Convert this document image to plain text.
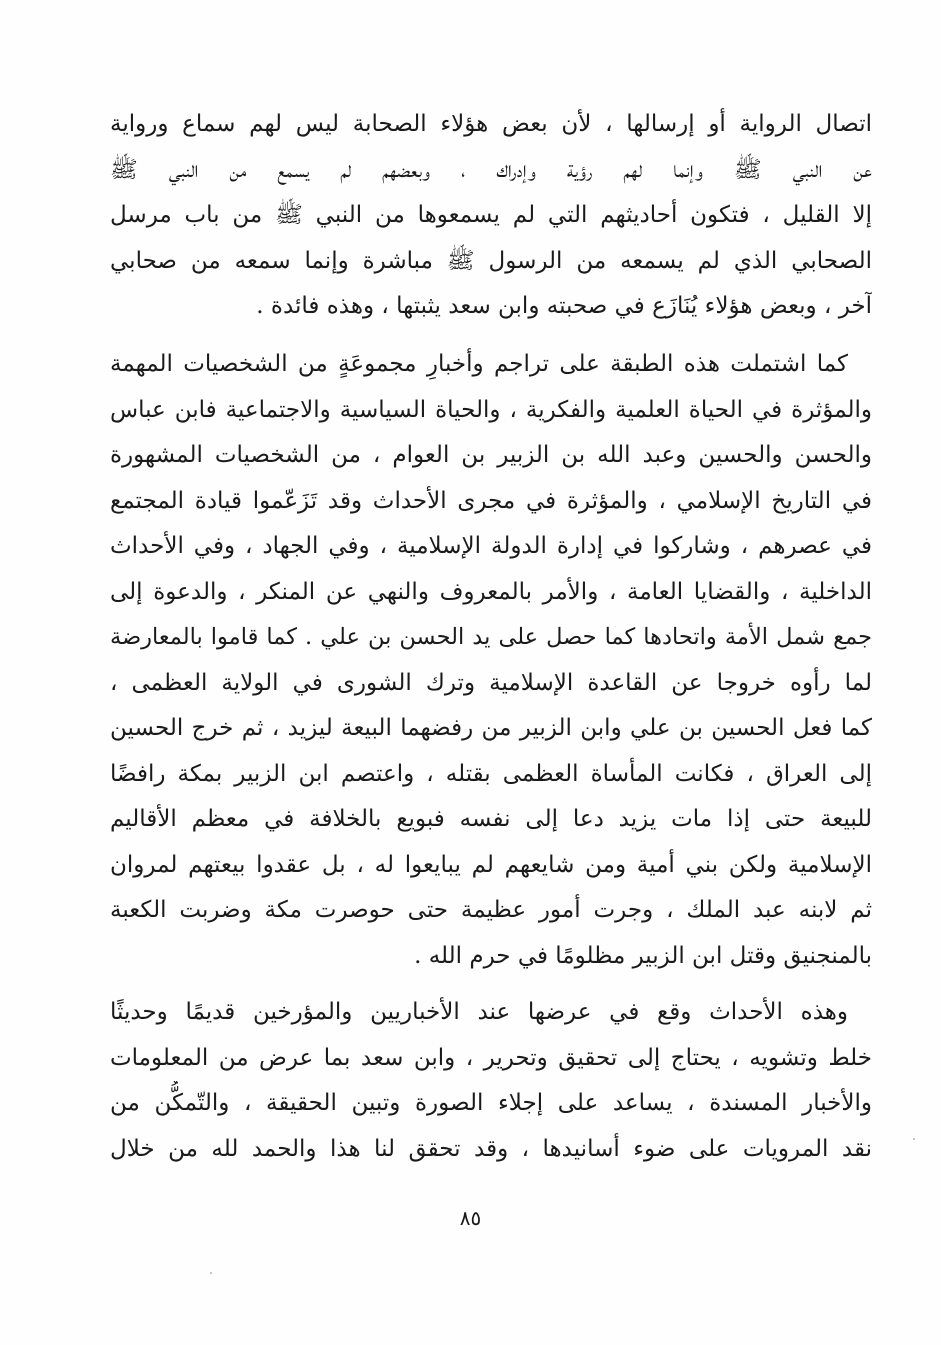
اتصال الرواية أو إرسالها ، لأن بعض هؤلاء الصحابة ليس لهم سماع ورواية
عن النبي ﷺ وإنما لهم رؤية وإدراك ، وبعضهم لم يسمع من النبي ﷺ
إلا القليل ، فتكون أحاديثهم التي لم يسمعوها من النبي ﷺ من باب مرسل
الصحابي الذي لم يسمعه من الرسول ﷺ مباشرة وإنما سمعه من صحابي
آخر ، وبعض هؤلاء يُنَازَع في صحبته وابن سعد يثبتها ، وهذه فائدة .
كما اشتملت هذه الطبقة على تراجم وأخبارِ مجموعَةٍ من الشخصيات المهمة
والمؤثرة في الحياة العلمية والفكرية ، والحياة السياسية والاجتماعية فابن عباس
والحسن والحسين وعبد الله بن الزبير بن العوام ، من الشخصيات المشهورة
في التاريخ الإسلامي ، والمؤثرة في مجرى الأحداث وقد تَزَعّموا قيادة المجتمع
في عصرهم ، وشاركوا في إدارة الدولة الإسلامية ، وفي الجهاد ، وفي الأحداث
الداخلية ، والقضايا العامة ، والأمر بالمعروف والنهي عن المنكر ، والدعوة إلى
جمع شمل الأمة واتحادها كما حصل على يد الحسن بن علي . كما قاموا بالمعارضة
لما رأوه خروجا عن القاعدة الإسلامية وترك الشورى في الولاية العظمى ،
كما فعل الحسين بن علي وابن الزبير من رفضهما البيعة ليزيد ، ثم خرج الحسين
إلى العراق ، فكانت المأساة العظمى بقتله ، واعتصم ابن الزبير بمكة رافضًا
للبيعة حتى إذا مات يزيد دعا إلى نفسه فبويع بالخلافة في معظم الأقاليم
الإسلامية ولكن بني أمية ومن شايعهم لم يبايعوا له ، بل عقدوا بيعتهم لمروان
ثم لابنه عبد الملك ، وجرت أمور عظيمة حتى حوصرت مكة وضربت الكعبة
بالمنجنيق وقتل ابن الزبير مظلومًا في حرم الله .
وهذه الأحداث وقع في عرضها عند الأخباريين والمؤرخين قديمًا وحديثًا
خلط وتشويه ، يحتاج إلى تحقيق وتحرير ، وابن سعد بما عرض من المعلومات
والأخبار المسندة ، يساعد على إجلاء الصورة وتبين الحقيقة ، والتّمكُّن من
نقد المرويات على ضوء أسانيدها ، وقد تحقق لنا هذا والحمد لله من خلال
٨٥
